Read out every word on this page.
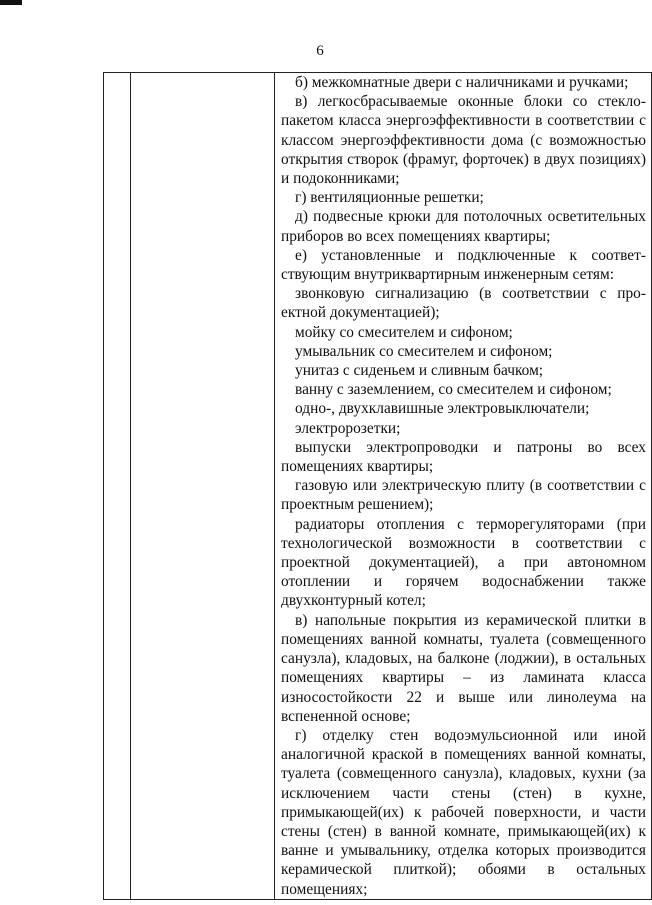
6

б) межкомнатные двери с наличниками и ручками;

в) легкосбрасываемые оконные блоки со стеклопакетом класса энергоэффективности в соответствии с классом энергоэффективности дома (с возможностью открытия створок (фрамуг, форточек) в двух позициях) и подоконниками;

г) вентиляционные решетки;

д) подвесные крюки для потолочных осветительных приборов во всех помещениях квартиры;

е) установленные и подключенные к соответствующим внутриквартирным инженерным сетям:

звонковую сигнализацию (в соответствии с проектной документацией);

мойку со смесителем и сифоном;

умывальник со смесителем и сифоном;

унитаз с сиденьем и сливным бачком;

ванну с заземлением, со смесителем и сифоном;

одно-, двухклавишные электровыключатели;

электророзетки;

выпуски электропроводки и патроны во всех помещениях квартиры;

газовую или электрическую плиту (в соответствии с проектным решением);

радиаторы отопления с терморегуляторами (при технологической возможности в соответствии с проектной документацией), а при автономном отоплении и горячем водоснабжении также двухконтурный котел;

в) напольные покрытия из керамической плитки в помещениях ванной комнаты, туалета (совмещенного санузла), кладовых, на балконе (лоджии), в остальных помещениях квартиры – из ламината класса износостойкости 22 и выше или линолеума на вспененной основе;

г) отделку стен водоэмульсионной или иной аналогичной краской в помещениях ванной комнаты, туалета (совмещенного санузла), кладовых, кухни (за исключением части стены (стен) в кухне, примыкающей(их) к рабочей поверхности, и части стены (стен) в ванной комнате, примыкающей(их) к ванне и умывальнику, отделка которых производится керамической плиткой); обоями в остальных помещениях;
